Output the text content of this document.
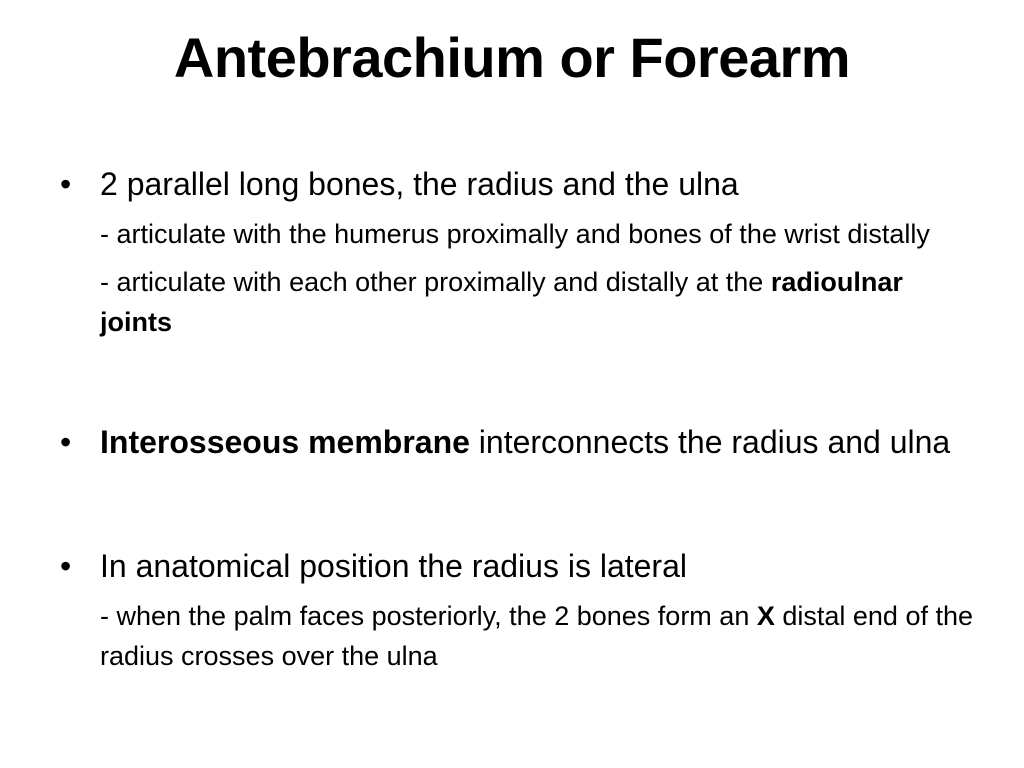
Antebrachium or Forearm
• 2 parallel long bones, the radius and the ulna
- articulate with the humerus proximally and bones of the wrist distally
- articulate with each other proximally and distally at the radioulnar joints
• Interosseous membrane interconnects the radius and ulna
• In anatomical position the radius is lateral
- when the palm faces posteriorly, the 2 bones form an X distal end of the radius crosses over the ulna
